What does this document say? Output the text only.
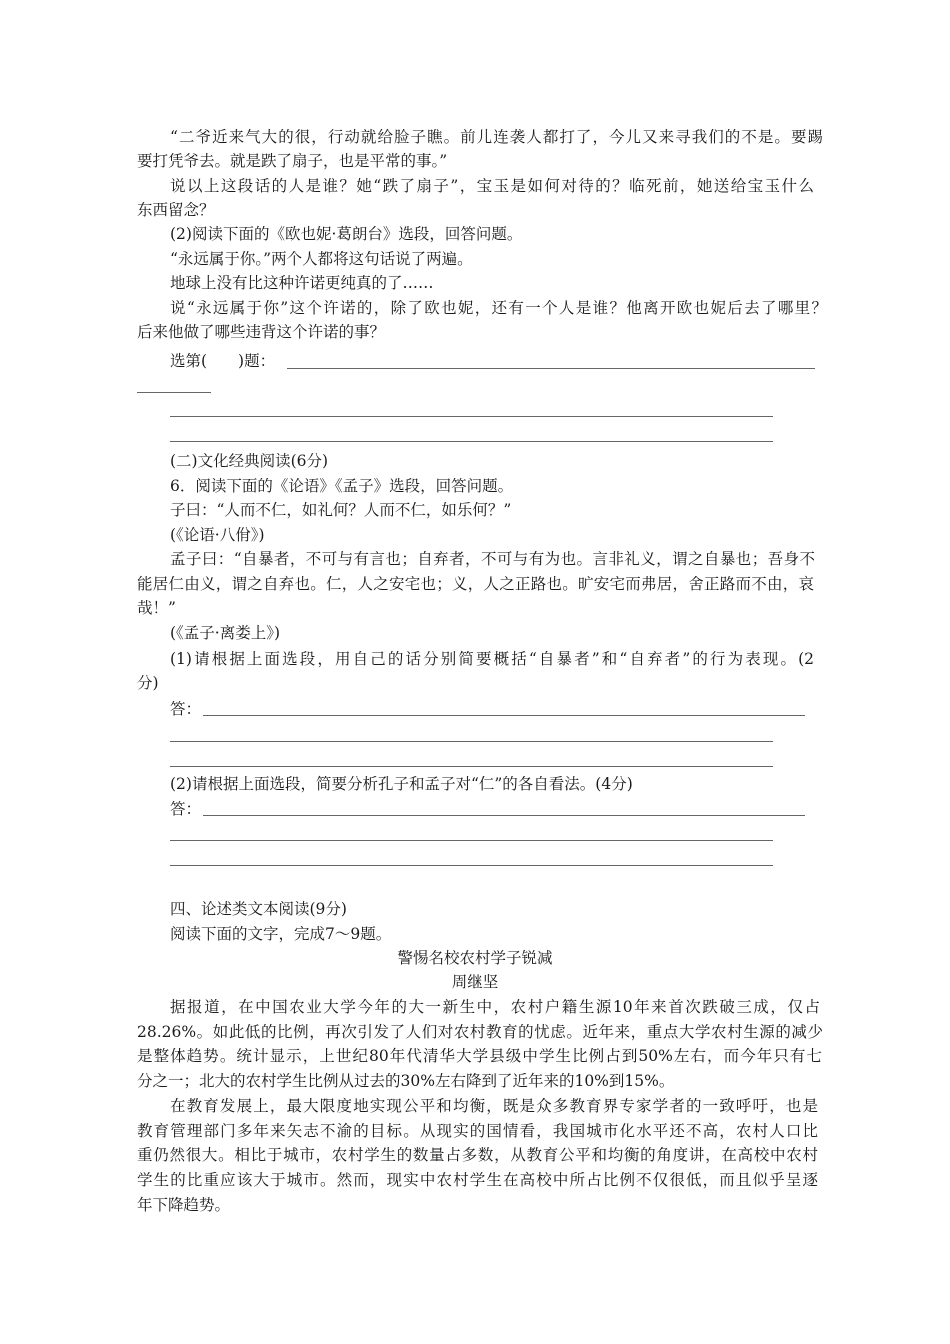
“二爷近来气大的很，行动就给脸子瞧。前儿连袭人都打了，今儿又来寻我们的不是。要踢
要打凭爷去。就是跌了扇子，也是平常的事。”
说以上这段话的人是谁？她“跌了扇子”，宝玉是如何对待的？临死前，她送给宝玉什么
东西留念？
(2)阅读下面的《欧也妮·葛朗台》选段，回答问题。
“永远属于你。”两个人都将这句话说了两遍。
地球上没有比这种许诺更纯真的了……
说“永远属于你”这个许诺的，除了欧也妮，还有一个人是谁？他离开欧也妮后去了哪里？
后来他做了哪些违背这个许诺的事？
选第(　　)题：
(二)文化经典阅读(6分)
6．阅读下面的《论语》《孟子》选段，回答问题。
子曰：“人而不仁，如礼何？人而不仁，如乐何？”
(《论语·八佾》)
孟子曰：“自暴者，不可与有言也；自弃者，不可与有为也。言非礼义，谓之自暴也；吾身不
能居仁由义，谓之自弃也。仁，人之安宅也；义，人之正路也。旷安宅而弗居，舍正路而不由，哀
哉！”
(《孟子·离娄上》)
(1)请根据上面选段，用自己的话分别简要概括“自暴者”和“自弃者”的行为表现。(2
分)
答：
(2)请根据上面选段，简要分析孔子和孟子对“仁”的各自看法。(4分)
答：
四、论述类文本阅读(9分)
阅读下面的文字，完成7～9题。
警惕名校农村学子锐减
周继坚
据报道，在中国农业大学今年的大一新生中，农村户籍生源10年来首次跌破三成，仅占
28.26%。如此低的比例，再次引发了人们对农村教育的忧虑。近年来，重点大学农村生源的减少
是整体趋势。统计显示，上世纪80年代清华大学县级中学生比例占到50%左右，而今年只有七
分之一；北大的农村学生比例从过去的30%左右降到了近年来的10%到15%。
在教育发展上，最大限度地实现公平和均衡，既是众多教育界专家学者的一致呼吁，也是
教育管理部门多年来矢志不渝的目标。从现实的国情看，我国城市化水平还不高，农村人口比
重仍然很大。相比于城市，农村学生的数量占多数，从教育公平和均衡的角度讲，在高校中农村
学生的比重应该大于城市。然而，现实中农村学生在高校中所占比例不仅很低，而且似乎呈逐
年下降趋势。
